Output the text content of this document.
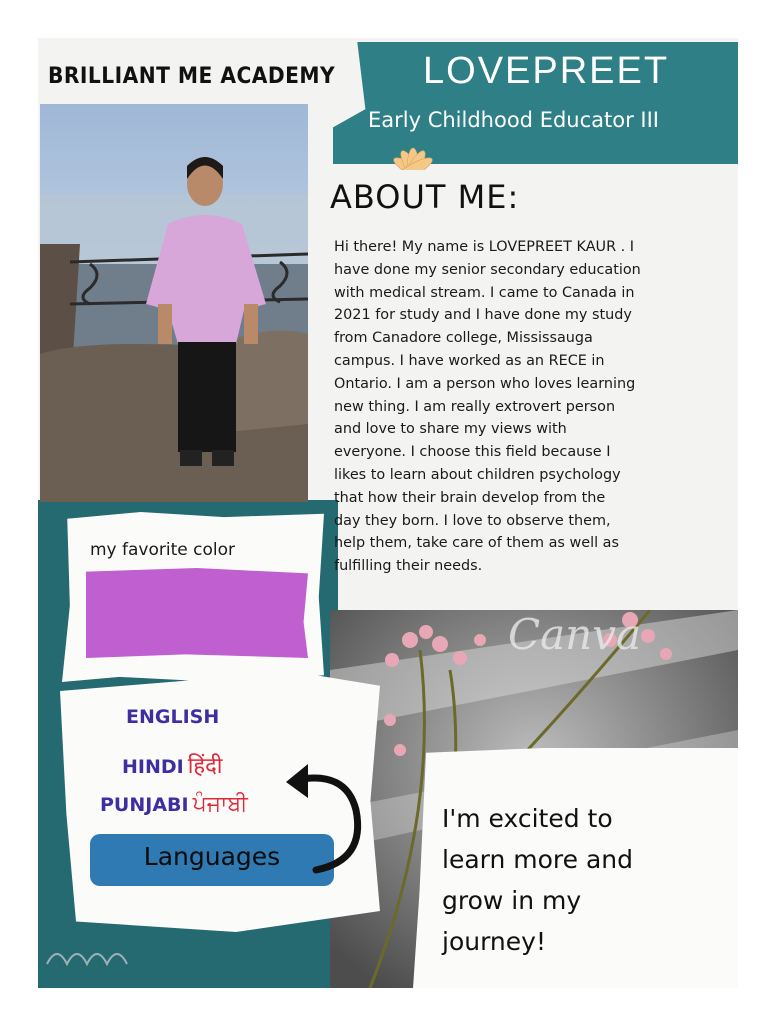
BRILLIANT ME ACADEMY LOVEPREET
Early Childhood Educator III
ABOUT ME:
Hi there! My name is LOVEPREET KAUR . I
have done my senior secondary education
with medical stream. I came to Canada in
2021 for study and I have done my study
from Canadore college, Mississauga
campus. I have worked as an RECE in
Ontario. I am a person who loves learning
new thing. I am really extrovert person
and love to share my views with
everyone. I choose this field because I
likes to learn about children psychology
that how their brain develop from the
day they born. I love to observe them,
help them, take care of them as well as
fulfilling their needs.
Canva
my favorite color
ENGLISH
HINDI हिंदी
PUNJABI ਪੰਜਾਬੀ
Languages
I'm excited to
learn more and
grow in my
journey!
